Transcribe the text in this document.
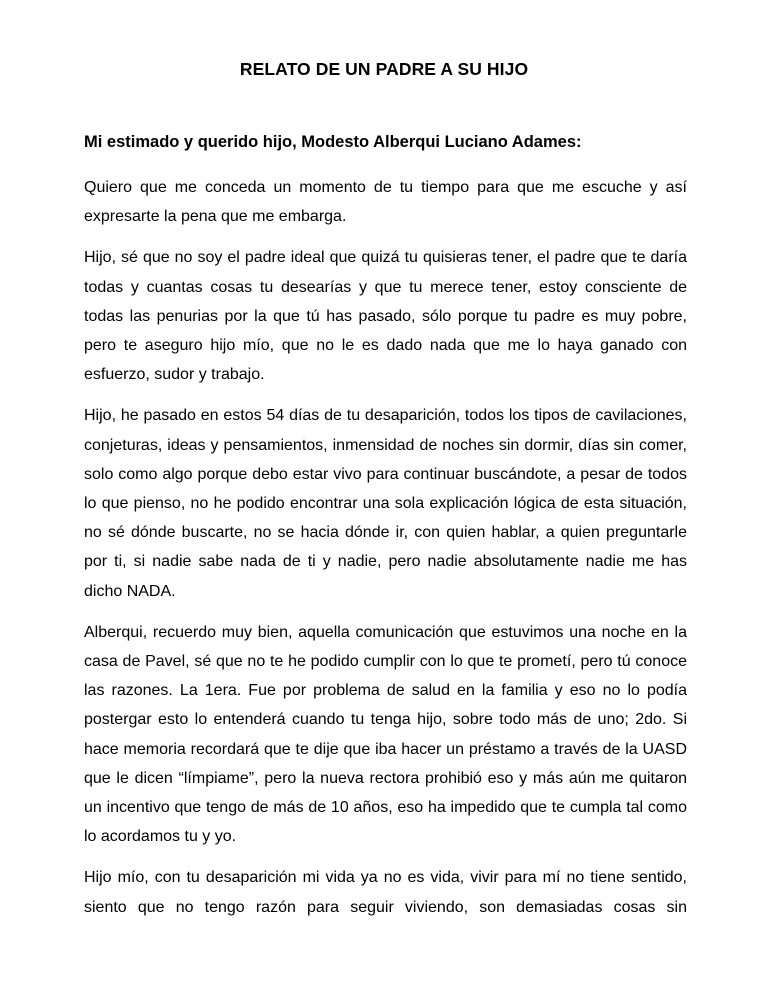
RELATO DE UN PADRE A SU HIJO
Mi estimado y querido hijo, Modesto Alberqui Luciano Adames:

Quiero que me conceda un momento de tu tiempo para que me escuche y así expresarte la pena que me embarga.

Hijo, sé que no soy el padre ideal que quizá tu quisieras tener, el padre que te daría todas y cuantas cosas tu desearías y que tu merece tener, estoy consciente de todas las penurias por la que tú has pasado, sólo porque tu padre es muy pobre, pero te aseguro hijo mío, que no le es dado nada que me lo haya ganado con esfuerzo, sudor y trabajo.

Hijo, he pasado en estos 54 días de tu desaparición, todos los tipos de cavilaciones, conjeturas, ideas y pensamientos, inmensidad de noches sin dormir, días sin comer, solo como algo porque debo estar vivo para continuar buscándote, a pesar de todos lo que pienso, no he podido encontrar una sola explicación lógica de esta situación, no sé dónde buscarte, no se hacia dónde ir, con quien hablar, a quien preguntarle por ti, si nadie sabe nada de ti y nadie, pero nadie absolutamente nadie me has dicho NADA.

Alberqui, recuerdo muy bien, aquella comunicación que estuvimos una noche en la casa de Pavel, sé que no te he podido cumplir con lo que te prometí, pero tú conoce las razones. La 1era. Fue por problema de salud en la familia y eso no lo podía postergar esto lo entenderá cuando tu tenga hijo, sobre todo más de uno; 2do. Si hace memoria recordará que te dije que iba hacer un préstamo a través de la UASD que le dicen “límpiame”, pero la nueva rectora prohibió eso y más aún me quitaron un incentivo que tengo de más de 10 años, eso ha impedido que te cumpla tal como lo acordamos tu y yo.

Hijo mío, con tu desaparición mi vida ya no es vida, vivir para mí no tiene sentido, siento que no tengo razón para seguir viviendo, son demasiadas cosas sin
